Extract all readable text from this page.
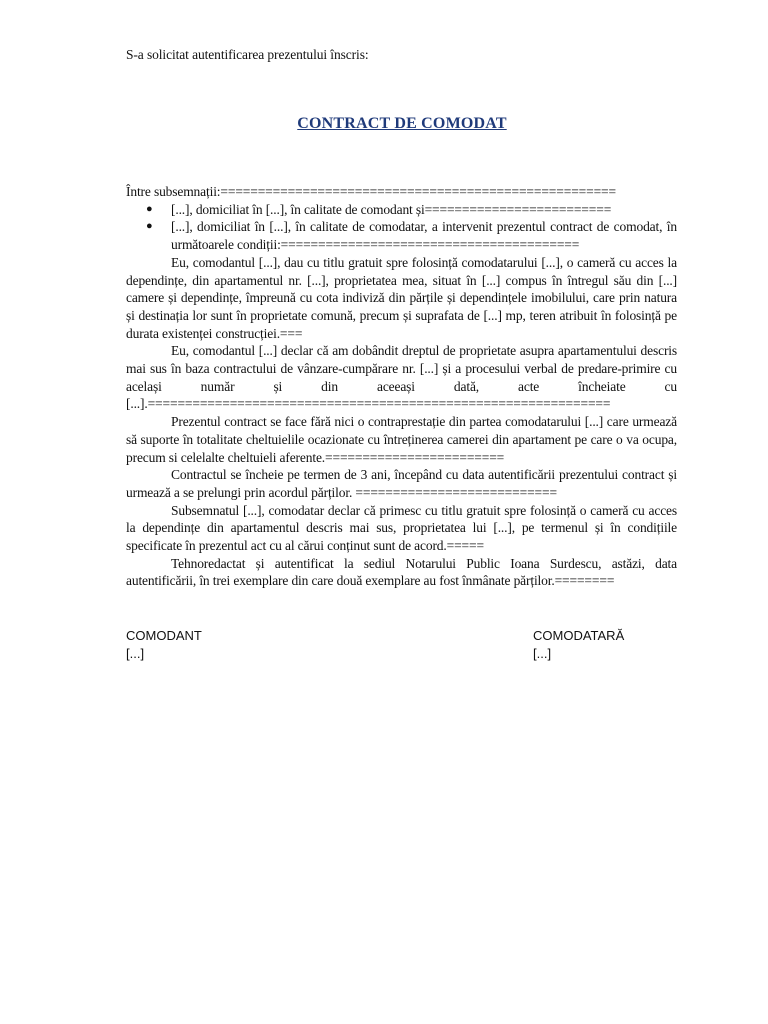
S-a solicitat autentificarea prezentului înscris:
CONTRACT DE COMODAT
Între subsemnații:=====================================================
● [...], domiciliat în [...], în calitate de comodant și=========================
● [...], domiciliat în [...], în calitate de comodatar, a intervenit prezentul contract de comodat, în următoarele condiții:========================================
Eu, comodantul [...], dau cu titlu gratuit spre folosință comodatarului [...], o cameră cu acces la dependințe, din apartamentul nr. [...], proprietatea mea, situat în [...] compus în întregul său din [...] camere și dependințe, împreună cu cota indiviză din părțile și dependințele imobilului, care prin natura și destinația lor sunt în proprietate comună, precum și suprafata de [...] mp, teren atribuit în folosință pe durata existenței construcției.===
Eu, comodantul [...] declar că am dobândit dreptul de proprietate asupra apartamentului descris mai sus în baza contractului de vânzare-cumpărare nr. [...] și a procesului verbal de predare-primire cu același număr și din aceeași dată, acte încheiate cu [...].==============================================================
Prezentul contract se face fără nici o contraprestație din partea comodatarului [...] care urmează să suporte în totalitate cheltuielile ocazionate cu întreținerea camerei din apartament pe care o va ocupa, precum si celelalte cheltuieli aferente.========================
Contractul se încheie pe termen de 3 ani, începând cu data autentificării prezentului contract și urmează a se prelungi prin acordul părților. ===========================
Subsemnatul [...], comodatar declar că primesc cu titlu gratuit spre folosință o cameră cu acces la dependințe din apartamentul descris mai sus, proprietatea lui [...], pe termenul și în condițiile specificate în prezentul act cu al cărui conținut sunt de acord.=====
Tehnoredactat și autentificat la sediul Notarului Public Ioana Surdescu, astăzi, data autentificării, în trei exemplare din care două exemplare au fost înmânate părților.========
COMODANT
[...]
COMODATARĂ
[...]
